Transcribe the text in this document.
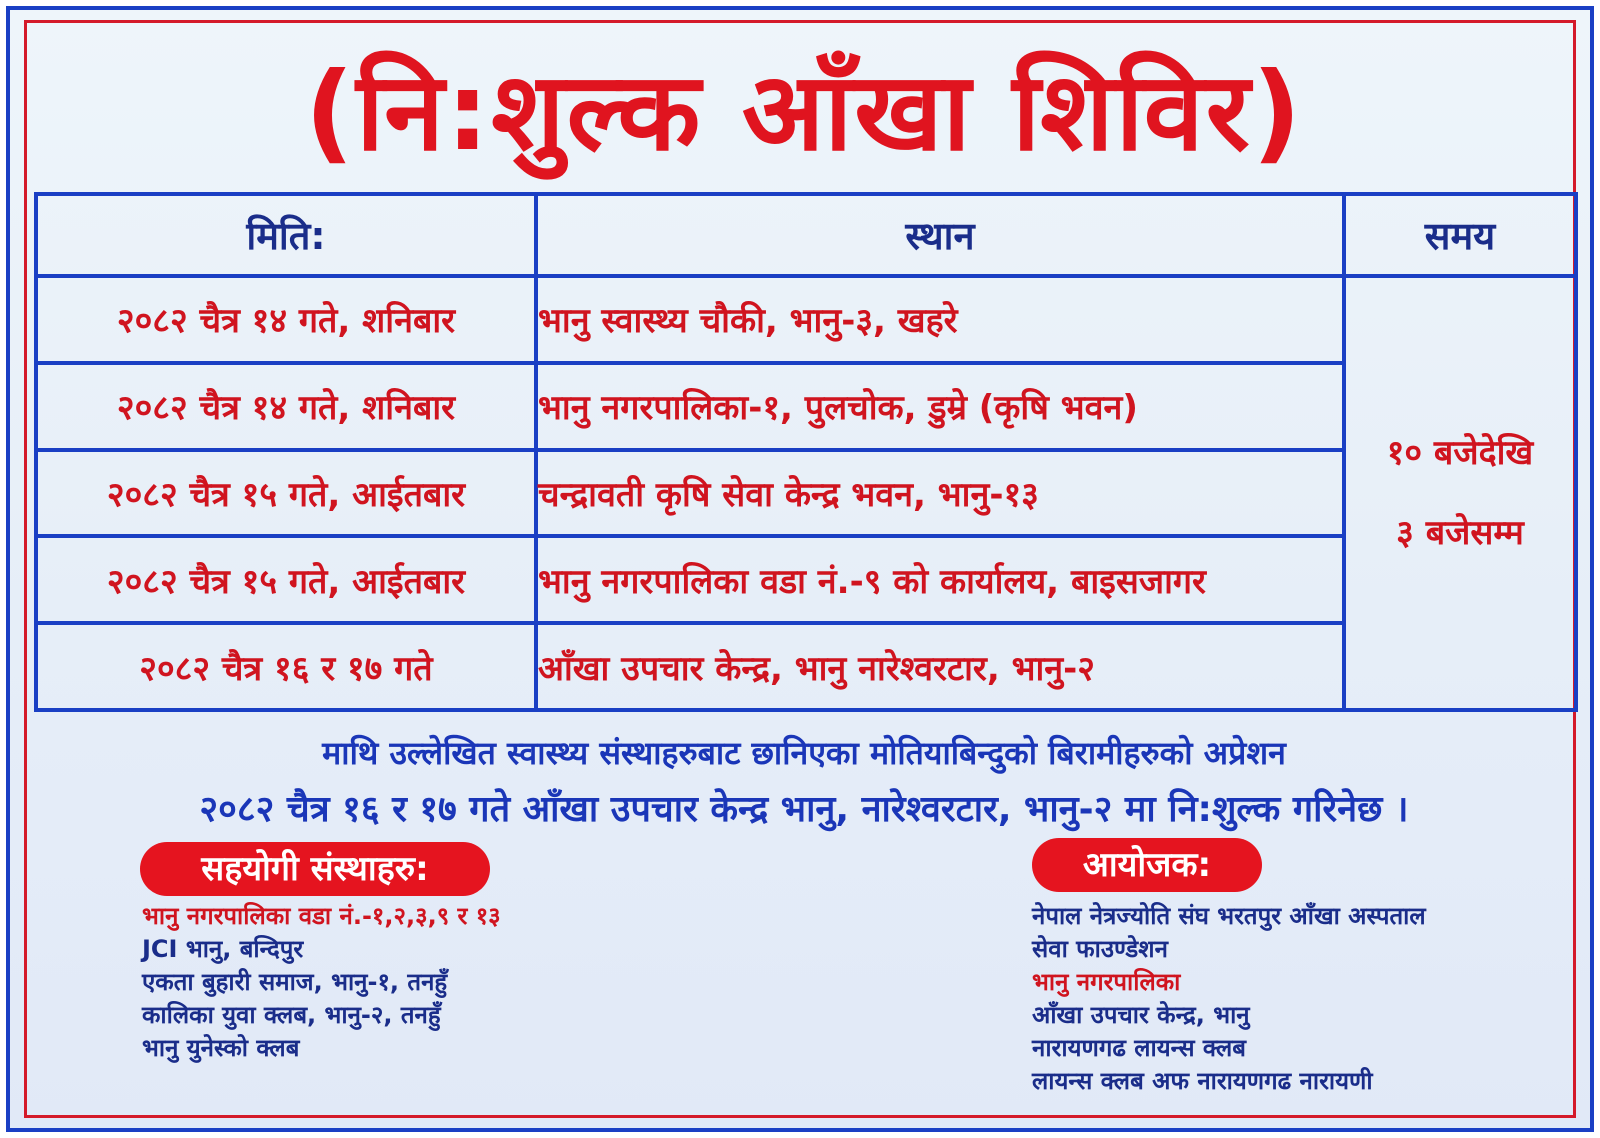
(नि:शुल्क आँखा शिविर)
मिति:	स्थान	समय
२०८२ चैत्र १४ गते, शनिबार	भानु स्वास्थ्य चौकी, भानु-३, खहरे	१० बजेदेखि
३ बजेसम्म

२०८२ चैत्र १४ गते, शनिबार	भानु नगरपालिका-१, पुलचोक, डुम्रे (कृषि भवन)	
२०८२ चैत्र १५ गते, आईतबार	चन्द्रावती कृषि सेवा केन्द्र भवन, भानु-१३	
२०८२ चैत्र १५ गते, आईतबार	भानु नगरपालिका वडा नं.-९ को कार्यालय, बाइसजागर	
२०८२ चैत्र १६ र १७ गते	आँखा उपचार केन्द्र, भानु नारेश्वरटार, भानु-२	
माथि उल्लेखित स्वास्थ्य संस्थाहरुबाट छानिएका मोतियाबिन्दुको बिरामीहरुको अप्रेशन
२०८२ चैत्र १६ र १७ गते आँखा उपचार केन्द्र भानु, नारेश्वरटार, भानु-२ मा नि:शुल्क गरिनेछ ।
सहयोगी संस्थाहरु:
भानु नगरपालिका वडा नं.-१,२,३,९ र १३
JCI भानु, बन्दिपुर
एकता बुहारी समाज, भानु-१, तनहुँ
कालिका युवा क्लब, भानु-२, तनहुँ
भानु युनेस्को क्लब
आयोजक:
नेपाल नेत्रज्योति संघ भरतपुर आँखा अस्पताल
सेवा फाउण्डेशन
भानु नगरपालिका
आँखा उपचार केन्द्र, भानु
नारायणगढ लायन्स क्लब
लायन्स क्लब अफ नारायणगढ नारायणी
